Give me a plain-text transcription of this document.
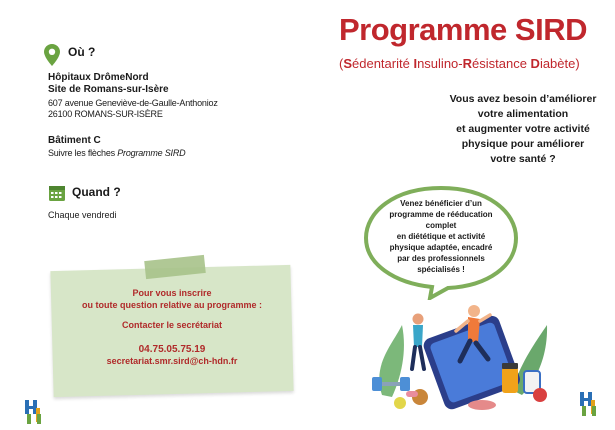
Où ?
Hôpitaux DrômeNord
Site de Romans-sur-Isère
607 avenue Geneviève-de-Gaulle-Anthonioz
26100 ROMANS-SUR-ISÈRE
Bâtiment C
Suivre les flèches Programme SIRD
Quand ?
Chaque vendredi
Pour vous inscrire
ou toute question relative au programme :
Contacter le secrétariat
04.75.05.75.19
secretariat.smr.sird@ch-hdn.fr
Programme SIRD
(Sédentarité Insulino-Résistance Diabète)
Vous avez besoin d’améliorer
votre alimentation
et augmenter votre activité
physique pour améliorer
votre santé ?
Venez bénéficier d’un
programme de rééducation
complet
en diététique et activité
physique adaptée, encadré
par des professionnels
spécialisés !
